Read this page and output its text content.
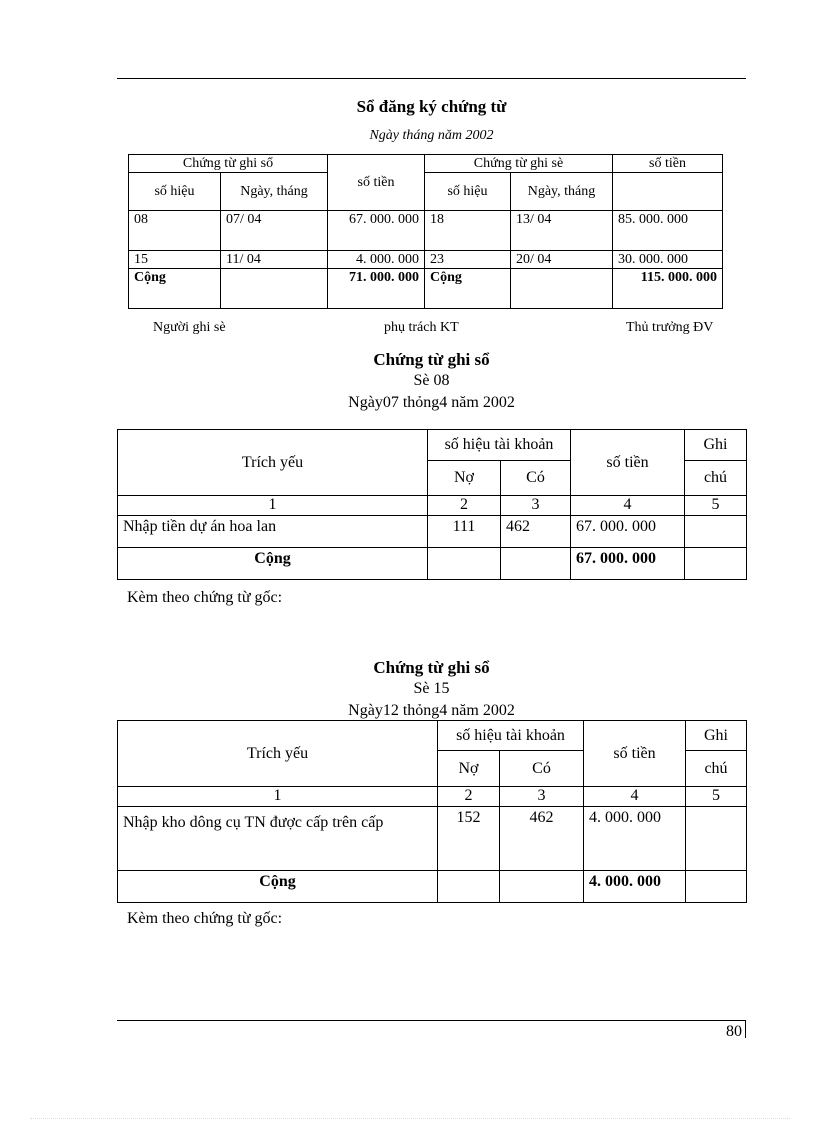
Sổ đăng ký chứng từ
Ngày tháng năm 2002
Chứng từ ghi sổ		số tiền	Chứng từ ghi sè		số tiền
số hiệu	Ngày, tháng		số hiệu	Ngày, tháng	
08	07/ 04	67. 000. 000	18	13/ 04	85. 000. 000
15	11/ 04	4. 000. 000	23	20/ 04	30. 000. 000
Cộng		71. 000. 000	Cộng		115. 000. 000
Người ghi sè	phụ trách KT	Thủ trưởng ĐV
Chứng từ ghi sổ
Sè 08
Ngày07 thỏng4 năm 2002
Trích yếu	số hiệu tài khoản		số tiền	Ghi
	Nợ	Có		chú
1	2	3	4	5
Nhập tiền dự án hoa lan	111	462	67. 000. 000	
Cộng			67. 000. 000	
Kèm theo chứng từ gốc:
Chứng từ ghi sổ
Sè 15
Ngày12 thỏng4 năm 2002
Trích yếu	số hiệu tài khoản		số tiền	Ghi
	Nợ	Có		chú
1	2	3	4	5
Nhập kho dông cụ TN được cấp trên cấp	152	462	4. 000. 000	
Cộng			4. 000. 000	
Kèm theo chứng từ gốc:
80
